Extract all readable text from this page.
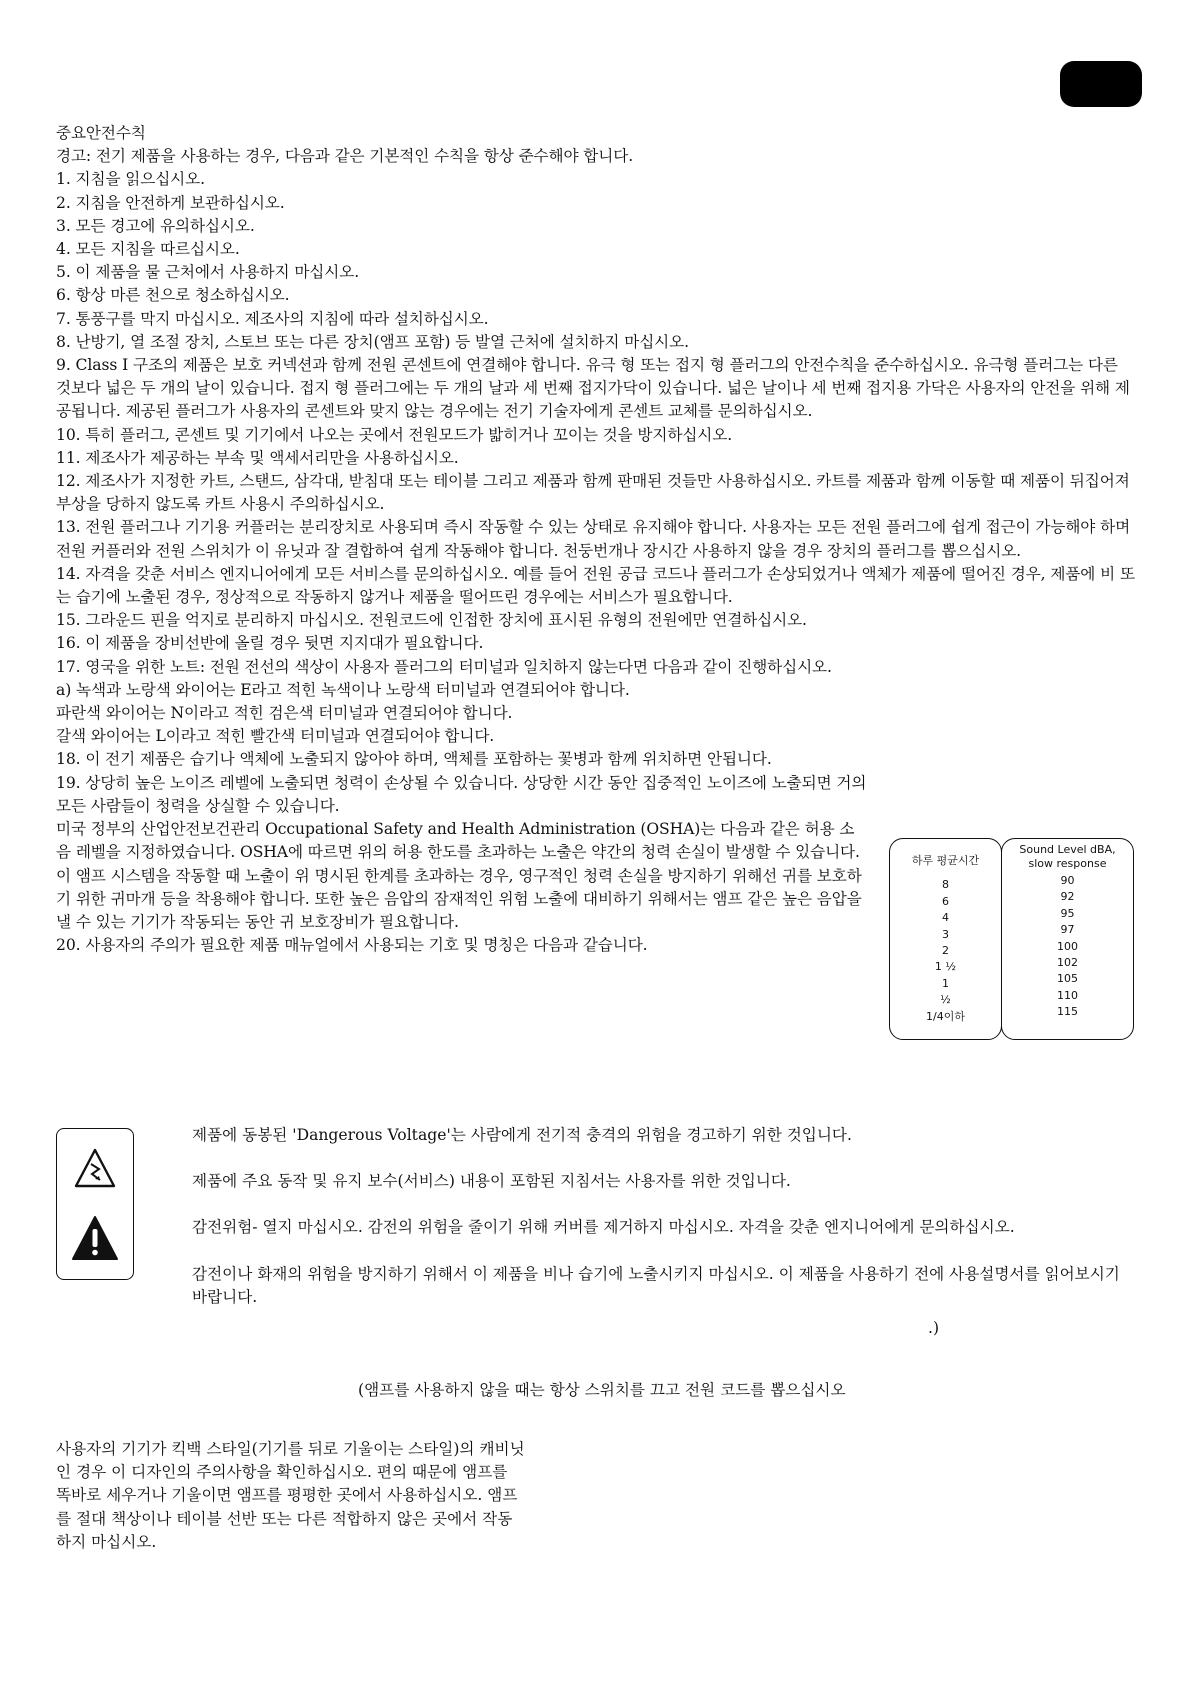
중요안전수칙

경고: 전기 제품을 사용하는 경우, 다음과 같은 기본적인 수칙을 항상 준수해야 합니다.

1. 지침을 읽으십시오.

2. 지침을 안전하게 보관하십시오.

3. 모든 경고에 유의하십시오.

4. 모든 지침을 따르십시오.

5. 이 제품을 물 근처에서 사용하지 마십시오.

6. 항상 마른 천으로 청소하십시오.

7. 통풍구를 막지 마십시오. 제조사의 지침에 따라 설치하십시오.

8. 난방기, 열 조절 장치, 스토브 또는 다른 장치(앰프 포함) 등 발열 근처에 설치하지 마십시오.

9. Class I 구조의 제품은 보호 커넥션과 함께 전원 콘센트에 연결해야 합니다. 유극 형 또는 접지 형 플러그의 안전수칙을 준수하십시오. 유극형 플러그는 다른 것보다 넓은 두 개의 날이 있습니다. 접지 형 플러그에는 두 개의 날과 세 번째 접지가닥이 있습니다. 넓은 날이나 세 번째 접지용 가닥은 사용자의 안전을 위해 제공됩니다. 제공된 플러그가 사용자의 콘센트와 맞지 않는 경우에는 전기 기술자에게 콘센트 교체를 문의하십시오.

10. 특히 플러그, 콘센트 및 기기에서 나오는 곳에서 전원모드가 밟히거나 꼬이는 것을 방지하십시오.

11. 제조사가 제공하는 부속 및 액세서리만을 사용하십시오.

12. 제조사가 지정한 카트, 스탠드, 삼각대, 받침대 또는 테이블 그리고 제품과 함께 판매된 것들만 사용하십시오. 카트를 제품과 함께 이동할 때 제품이 뒤집어져 부상을 당하지 않도록 카트 사용시 주의하십시오.

13. 전원 플러그나 기기용 커플러는 분리장치로 사용되며 즉시 작동할 수 있는 상태로 유지해야 합니다. 사용자는 모든 전원 플러그에 쉽게 접근이 가능해야 하며 전원 커플러와 전원 스위치가 이 유닛과 잘 결합하여 쉽게 작동해야 합니다. 천둥번개나 장시간 사용하지 않을 경우 장치의 플러그를 뽑으십시오.

14. 자격을 갖춘 서비스 엔지니어에게 모든 서비스를 문의하십시오. 예를 들어 전원 공급 코드나 플러그가 손상되었거나 액체가 제품에 떨어진 경우, 제품에 비 또는 습기에 노출된 경우, 정상적으로 작동하지 않거나 제품을 떨어뜨린 경우에는 서비스가 필요합니다.

15. 그라운드 핀을 억지로 분리하지 마십시오. 전원코드에 인접한 장치에 표시된 유형의 전원에만 연결하십시오.

16. 이 제품을 장비선반에 올릴 경우 뒷면 지지대가 필요합니다.

17. 영국을 위한 노트: 전원 전선의 색상이 사용자 플러그의 터미널과 일치하지 않는다면 다음과 같이 진행하십시오.

a) 녹색과 노랑색 와이어는 E라고 적힌 녹색이나 노랑색 터미널과 연결되어야 합니다.

파란색 와이어는 N이라고 적힌 검은색 터미널과 연결되어야 합니다.

갈색 와이어는 L이라고 적힌 빨간색 터미널과 연결되어야 합니다.

18. 이 전기 제품은 습기나 액체에 노출되지 않아야 하며, 액체를 포함하는 꽃병과 함께 위치하면 안됩니다.

19. 상당히 높은 노이즈 레벨에 노출되면 청력이 손상될 수 있습니다. 상당한 시간 동안 집중적인 노이즈에 노출되면 거의 모든 사람들이 청력을 상실할 수 있습니다.

미국 정부의 산업안전보건관리 Occupational Safety and Health Administration (OSHA)는 다음과 같은 허용 소음 레벨을 지정하였습니다. OSHA에 따르면 위의 허용 한도를 초과하는 노출은 약간의 청력 손실이 발생할 수 있습니다. 이 앰프 시스템을 작동할 때 노출이 위 명시된 한계를 초과하는 경우, 영구적인 청력 손실을 방지하기 위해선 귀를 보호하기 위한 귀마개 등을 착용해야 합니다. 또한 높은 음압의 잠재적인 위험 노출에 대비하기 위해서는 앰프 같은 높은 음압을 낼 수 있는 기기가 작동되는 동안 귀 보호장비가 필요합니다.

20. 사용자의 주의가 필요한 제품 매뉴얼에서 사용되는 기호 및 명칭은 다음과 같습니다.

하루 평균시간
8
6
4
3
2
1 ½
1
½
1/4이하
Sound Level dBA,
slow response
90
92
95
97
100
102
105
110
115

제품에 동봉된 'Dangerous Voltage'는 사람에게 전기적 충격의 위험을 경고하기 위한 것입니다.

제품에 주요 동작 및 유지 보수(서비스) 내용이 포함된 지침서는 사용자를 위한 것입니다.

감전위험- 열지 마십시오. 감전의 위험을 줄이기 위해 커버를 제거하지 마십시오. 자격을 갖춘 엔지니어에게 문의하십시오.

감전이나 화재의 위험을 방지하기 위해서 이 제품을 비나 습기에 노출시키지 마십시오. 이 제품을 사용하기 전에 사용설명서를 읽어보시기 바랍니다.

.)
(앰프를 사용하지 않을 때는 항상 스위치를 끄고 전원 코드를 뽑으십시오

사용자의 기기가 킥백 스타일(기기를 뒤로 기울이는 스타일)의 캐비닛인 경우 이 디자인의 주의사항을 확인하십시오. 편의 때문에 앰프를 똑바로 세우거나 기울이면 앰프를 평평한 곳에서 사용하십시오. 앰프를 절대 책상이나 테이블 선반 또는 다른 적합하지 않은 곳에서 작동하지 마십시오.
